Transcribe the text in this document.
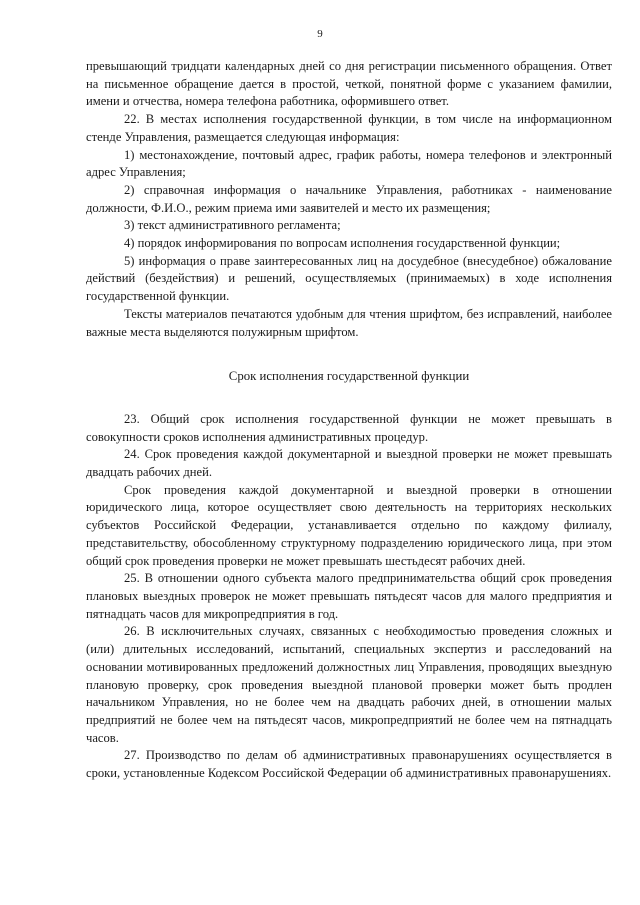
9

превышающий тридцати календарных дней со дня регистрации письменного обращения. Ответ на письменное обращение дается в простой, четкой, понятной форме с указанием фамилии, имени и отчества, номера телефона работника, оформившего ответ.

22. В местах исполнения государственной функции, в том числе на информационном стенде Управления, размещается следующая информация:

1) местонахождение, почтовый адрес, график работы, номера телефонов и электронный адрес Управления;

2) справочная информация о начальнике Управления, работниках - наименование должности, Ф.И.О., режим приема ими заявителей и место их размещения;

3) текст административного регламента;

4) порядок информирования по вопросам исполнения государственной функции;

5) информация о праве заинтересованных лиц на досудебное (внесудебное) обжалование действий (бездействия) и решений, осуществляемых (принимаемых) в ходе исполнения государственной функции.

Тексты материалов печатаются удобным для чтения шрифтом, без исправлений, наиболее важные места выделяются полужирным шрифтом.

Срок исполнения государственной функции

23. Общий срок исполнения государственной функции не может превышать в совокупности сроков исполнения административных процедур.

24. Срок проведения каждой документарной и выездной проверки не может превышать двадцать рабочих дней.

Срок проведения каждой документарной и выездной проверки в отношении юридического лица, которое осуществляет свою деятельность на территориях нескольких субъектов Российской Федерации, устанавливается отдельно по каждому филиалу, представительству, обособленному структурному подразделению юридического лица, при этом общий срок проведения проверки не может превышать шестьдесят рабочих дней.

25. В отношении одного субъекта малого предпринимательства общий срок проведения плановых выездных проверок не может превышать пятьдесят часов для малого предприятия и пятнадцать часов для микропредприятия в год.

26. В исключительных случаях, связанных с необходимостью проведения сложных и (или) длительных исследований, испытаний, специальных экспертиз и расследований на основании мотивированных предложений должностных лиц Управления, проводящих выездную плановую проверку, срок проведения выездной плановой проверки может быть продлен начальником Управления, но не более чем на двадцать рабочих дней, в отношении малых предприятий не более чем на пятьдесят часов, микропредприятий не более чем на пятнадцать часов.

27. Производство по делам об административных правонарушениях осуществляется в сроки, установленные Кодексом Российской Федерации об административных правонарушениях.
